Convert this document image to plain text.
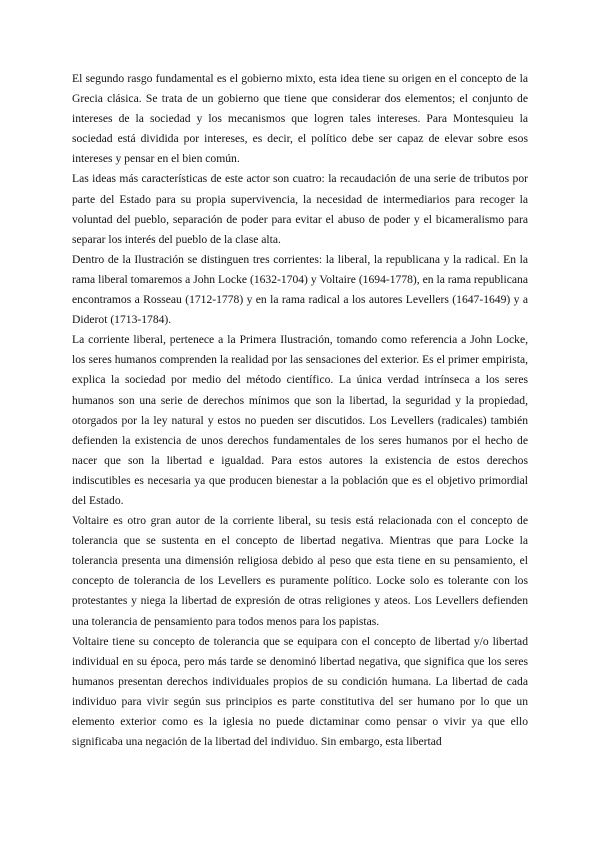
El segundo rasgo fundamental es el gobierno mixto, esta idea tiene su origen en el concepto de la Grecia clásica. Se trata de un gobierno que tiene que considerar dos elementos; el conjunto de intereses de la sociedad y los mecanismos que logren tales intereses. Para Montesquieu la sociedad está dividida por intereses, es decir, el político debe ser capaz de elevar sobre esos intereses y pensar en el bien común.

Las ideas más características de este actor son cuatro: la recaudación de una serie de tributos por parte del Estado para su propia supervivencia, la necesidad de intermediarios para recoger la voluntad del pueblo, separación de poder para evitar el abuso de poder y el bicameralismo para separar los interés del pueblo de la clase alta.

Dentro de la Ilustración se distinguen tres corrientes: la liberal, la republicana y la radical. En la rama liberal tomaremos a John Locke (1632-1704) y Voltaire (1694-1778), en la rama republicana encontramos a Rosseau (1712-1778) y en la rama radical a los autores Levellers (1647-1649) y a Diderot (1713-1784).

La corriente liberal, pertenece a la Primera Ilustración, tomando como referencia a John Locke, los seres humanos comprenden la realidad por las sensaciones del exterior. Es el primer empirista, explica la sociedad por medio del método científico. La única verdad intrínseca a los seres humanos son una serie de derechos mínimos que son la libertad, la seguridad y la propiedad, otorgados por la ley natural y estos no pueden ser discutidos. Los Levellers (radicales) también defienden la existencia de unos derechos fundamentales de los seres humanos por el hecho de nacer que son la libertad e igualdad. Para estos autores la existencia de estos derechos indiscutibles es necesaria ya que producen bienestar a la población que es el objetivo primordial del Estado.

Voltaire es otro gran autor de la corriente liberal, su tesis está relacionada con el concepto de tolerancia que se sustenta en el concepto de libertad negativa. Mientras que para Locke la tolerancia presenta una dimensión religiosa debido al peso que esta tiene en su pensamiento, el concepto de tolerancia de los Levellers es puramente político. Locke solo es tolerante con los protestantes y niega la libertad de expresión de otras religiones y ateos. Los Levellers defienden una tolerancia de pensamiento para todos menos para los papistas.

Voltaire tiene su concepto de tolerancia que se equipara con el concepto de libertad y/o libertad individual en su época, pero más tarde se denominó libertad negativa, que significa que los seres humanos presentan derechos individuales propios de su condición humana. La libertad de cada individuo para vivir según sus principios es parte constitutiva del ser humano por lo que un elemento exterior como es la iglesia no puede dictaminar como pensar o vivir ya que ello significaba una negación de la libertad del individuo. Sin embargo, esta libertad
